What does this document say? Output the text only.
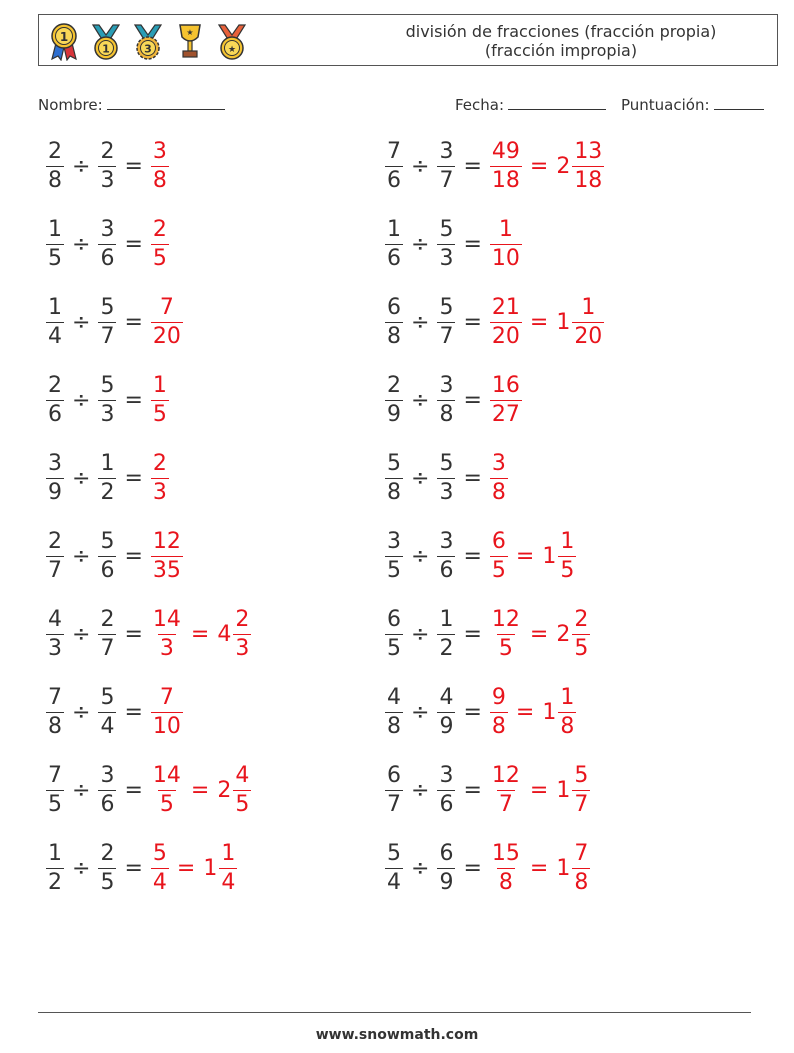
1
1	3
★
★
división de fracciones (fracción propia)
(fracción impropia)
Nombre:	Fecha:	Puntuación:
$\frac{2}{8} \div \frac{2}{3} = \frac{3}{8}$
$\frac{1}{5} \div \frac{3}{6} = \frac{2}{5}$
$\frac{1}{4} \div \frac{5}{7} = \frac{7}{20}$
$\frac{2}{6} \div \frac{5}{3} = \frac{1}{5}$
$\frac{3}{9} \div \frac{1}{2} = \frac{2}{3}$
$\frac{2}{7} \div \frac{5}{6} = \frac{12}{35}$
$\frac{4}{3} \div \frac{2}{7} = \frac{14}{3} = 4 \frac{2}{3}$
$\frac{7}{8} \div \frac{5}{4} = \frac{7}{10}$
$\frac{7}{5} \div \frac{3}{6} = \frac{14}{5} = 2 \frac{4}{5}$
$\frac{1}{2} \div \frac{2}{5} = \frac{5}{4} = 1 \frac{1}{4}$
$\frac{7}{6} \div \frac{3}{7} = \frac{49}{18} = 2 \frac{13}{18}$
$\frac{1}{6} \div \frac{5}{3} = \frac{1}{10}$
$\frac{6}{8} \div \frac{5}{7} = \frac{21}{20} = 1 \frac{1}{20}$
$\frac{2}{9} \div \frac{3}{8} = \frac{16}{27}$
$\frac{5}{8} \div \frac{5}{3} = \frac{3}{8}$
$\frac{3}{5} \div \frac{3}{6} = \frac{6}{5} = 1 \frac{1}{5}$
$\frac{6}{5} \div \frac{1}{2} = \frac{12}{5} = 2 \frac{2}{5}$
$\frac{4}{8} \div \frac{4}{9} = \frac{9}{8} = 1 \frac{1}{8}$
$\frac{6}{7} \div \frac{3}{6} = \frac{12}{7} = 1 \frac{5}{7}$
$\frac{5}{4} \div \frac{6}{9} = \frac{15}{8} = 1 \frac{7}{8}$
www.snowmath.com
